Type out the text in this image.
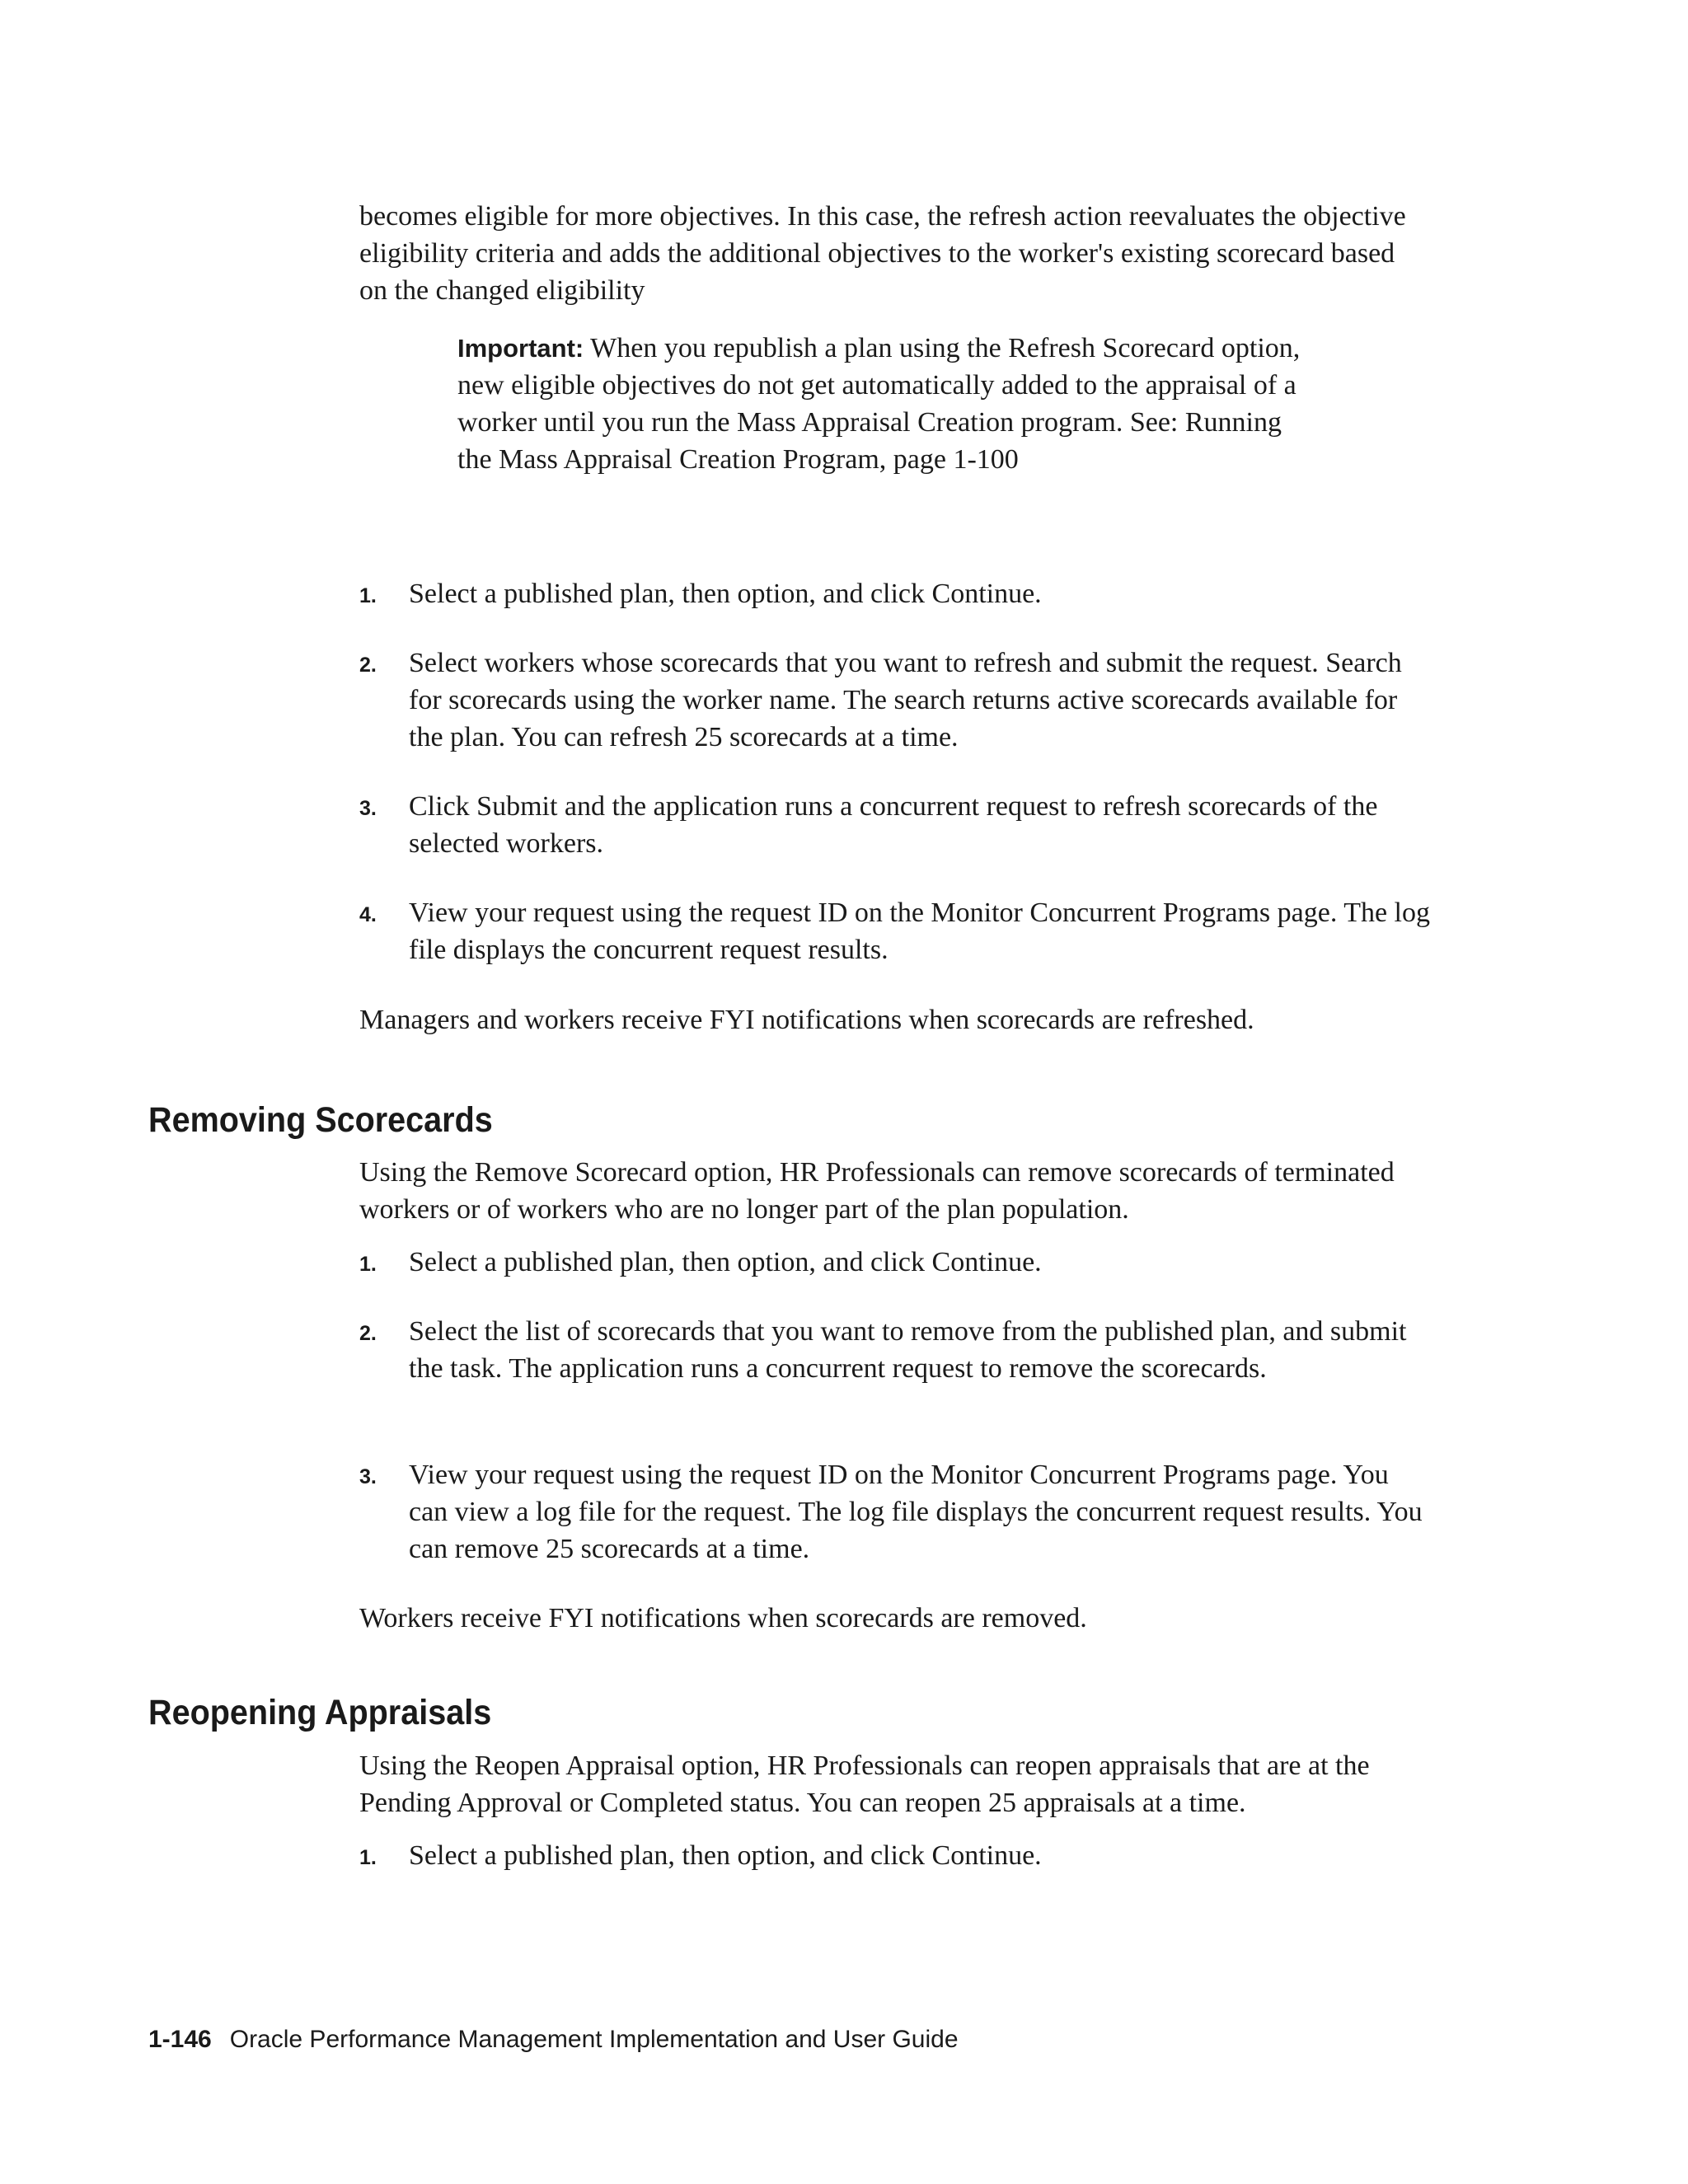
becomes eligible for more objectives. In this case, the refresh action reevaluates the objective eligibility criteria and adds the additional objectives to the worker's existing scorecard based on the changed eligibility

Important: When you republish a plan using the Refresh Scorecard option, new eligible objectives do not get automatically added to the appraisal of a worker until you run the Mass Appraisal Creation program. See: Running the Mass Appraisal Creation Program, page 1-100
1. Select a published plan, then option, and click Continue.
2. Select workers whose scorecards that you want to refresh and submit the request. Search for scorecards using the worker name. The search returns active scorecards available for the plan. You can refresh 25 scorecards at a time.
3. Click Submit and the application runs a concurrent request to refresh scorecards of the selected workers.
4. View your request using the request ID on the Monitor Concurrent Programs page. The log file displays the concurrent request results.

Managers and workers receive FYI notifications when scorecards are refreshed.

Removing Scorecards

Using the Remove Scorecard option, HR Professionals can remove scorecards of terminated workers or of workers who are no longer part of the plan population.

1. Select a published plan, then option, and click Continue.
2. Select the list of scorecards that you want to remove from the published plan, and submit the task. The application runs a concurrent request to remove the scorecards.
3. View your request using the request ID on the Monitor Concurrent Programs page. You can view a log file for the request. The log file displays the concurrent request results. You can remove 25 scorecards at a time.

Workers receive FYI notifications when scorecards are removed.

Reopening Appraisals

Using the Reopen Appraisal option, HR Professionals can reopen appraisals that are at the Pending Approval or Completed status. You can reopen 25 appraisals at a time.

1. Select a published plan, then option, and click Continue.
1-146 Oracle Performance Management Implementation and User Guide
